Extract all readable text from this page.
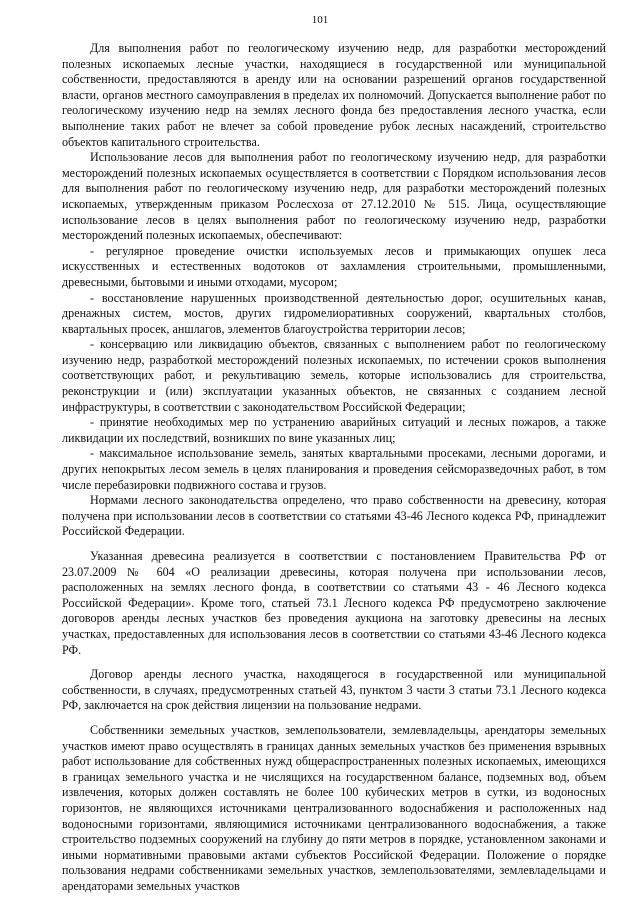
101

Для выполнения работ по геологическому изучению недр, для разработки месторождений полезных ископаемых лесные участки, находящиеся в государственной или муниципальной собственности, предоставляются в аренду или на основании разрешений органов государственной власти, органов местного самоуправления в пределах их полномочий. Допускается выполнение работ по геологическому изучению недр на землях лесного фонда без предоставления лесного участка, если выполнение таких работ не влечет за собой проведение рубок лесных насаждений, строительство объектов капитального строительства.

Использование лесов для выполнения работ по геологическому изучению недр, для разработки месторождений полезных ископаемых осуществляется в соответствии с Порядком использования лесов для выполнения работ по геологическому изучению недр, для разработки месторождений полезных ископаемых, утвержденным приказом Рослесхоза от 27.12.2010 № 515. Лица, осуществляющие использование лесов в целях выполнения работ по геологическому изучению недр, разработки месторождений полезных ископаемых, обеспечивают:

- регулярное проведение очистки используемых лесов и примыкающих опушек леса искусственных и естественных водотоков от захламления строительными, промышленными, древесными, бытовыми и иными отходами, мусором;

- восстановление нарушенных производственной деятельностью дорог, осушительных канав, дренажных систем, мостов, других гидромелиоративных сооружений, квартальных столбов, квартальных просек, аншлагов, элементов благоустройства территории лесов;

- консервацию или ликвидацию объектов, связанных с выполнением работ по геологическому изучению недр, разработкой месторождений полезных ископаемых, по истечении сроков выполнения соответствующих работ, и рекультивацию земель, которые использовались для строительства, реконструкции и (или) эксплуатации указанных объектов, не связанных с созданием лесной инфраструктуры, в соответствии с законодательством Российской Федерации;

- принятие необходимых мер по устранению аварийных ситуаций и лесных пожаров, а также ликвидации их последствий, возникших по вине указанных лиц;

- максимальное использование земель, занятых квартальными просеками, лесными дорогами, и других непокрытых лесом земель в целях планирования и проведения сейсморазведочных работ, в том числе перебазировки подвижного состава и грузов.

Нормами лесного законодательства определено, что право собственности на древесину, которая получена при использовании лесов в соответствии со статьями 43-46 Лесного кодекса РФ, принадлежит Российской Федерации.

Указанная древесина реализуется в соответствии с постановлением Правительства РФ от 23.07.2009 № 604 «О реализации древесины, которая получена при использовании лесов, расположенных на землях лесного фонда, в соответствии со статьями 43 - 46 Лесного кодекса Российской Федерации». Кроме того, статьей 73.1 Лесного кодекса РФ предусмотрено заключение договоров аренды лесных участков без проведения аукциона на заготовку древесины на лесных участках, предоставленных для использования лесов в соответствии со статьями 43-46 Лесного кодекса РФ.

Договор аренды лесного участка, находящегося в государственной или муниципальной собственности, в случаях, предусмотренных статьей 43, пунктом 3 части 3 статьи 73.1 Лесного кодекса РФ, заключается на срок действия лицензии на пользование недрами.

Собственники земельных участков, землепользователи, землевладельцы, арендаторы земельных участков имеют право осуществлять в границах данных земельных участков без применения взрывных работ использование для собственных нужд общераспространенных полезных ископаемых, имеющихся в границах земельного участка и не числящихся на государственном балансе, подземных вод, объем извлечения, которых должен составлять не более 100 кубических метров в сутки, из водоносных горизонтов, не являющихся источниками централизованного водоснабжения и расположенных над водоносными горизонтами, являющимися источниками централизованного водоснабжения, а также строительство подземных сооружений на глубину до пяти метров в порядке, установленном законами и иными нормативными правовыми актами субъектов Российской Федерации. Положение о порядке пользования недрами собственниками земельных участков, землепользователями, землевладельцами и арендаторами земельных участков
